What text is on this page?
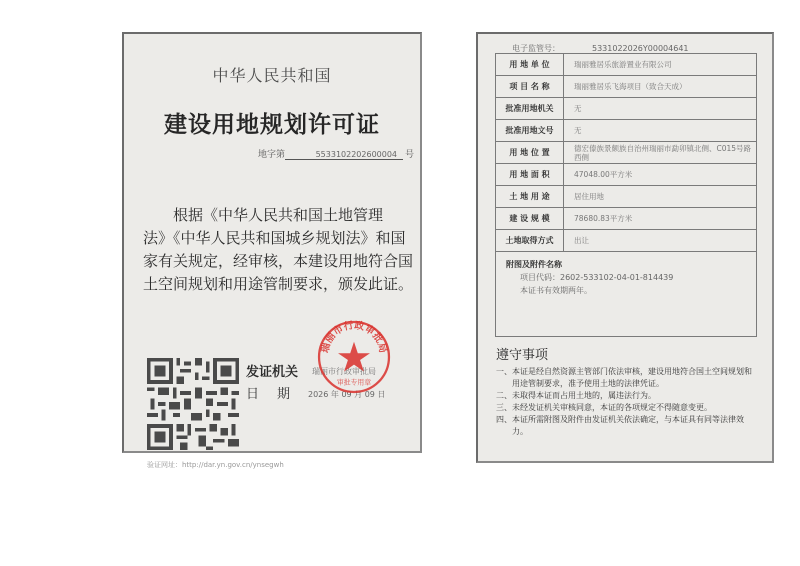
中华人民共和国
建设用地规划许可证
地字第	553310220260000​4 号
根据《中华人民共和国土地管理法》《中华人民共和国城乡规划法》和国家有关规定，经审核，本建设用地符合国土空间规划和用途管制要求，颁发此证。
发证机关
日期
瑞丽市行政审批局
2026 年 09 月 09 日
瑞丽市行政审批局
审批专用章
验证网址：http://dar.yn.gov.cn/ynsegwh
电子监管号：	5331022026Y00004641
用 地 单 位	瑞丽雅居乐旅游置业有限公司
项 目 名 称	瑞丽雅居乐飞海项目（致合天成）
批准用地机关	无
批准用地文号	无
用 地 位 置	德宏傣族景颇族自治州瑞丽市勐卯镇北侧、C015号路西侧
用 地 面 积	47048.00平方米
土 地 用 途	居住用地
建 设 规 模	78680.83平方米
土地取得方式	出让

附图及附件名称
项目代码：2602-533102-04-01-814439
本证书有效期两年。	
遵守事项
一、本证是经自然资源主管部门依法审核，建设用地符合国土空间规划和用途管制要求，准予使用土地的法律凭证。
二、未取得本证而占用土地的，属违法行为。
三、未经发证机关审核同意，本证的各项规定不得随意变更。
四、本证所需附图及附件由发证机关依法确定，与本证具有同等法律效力。
